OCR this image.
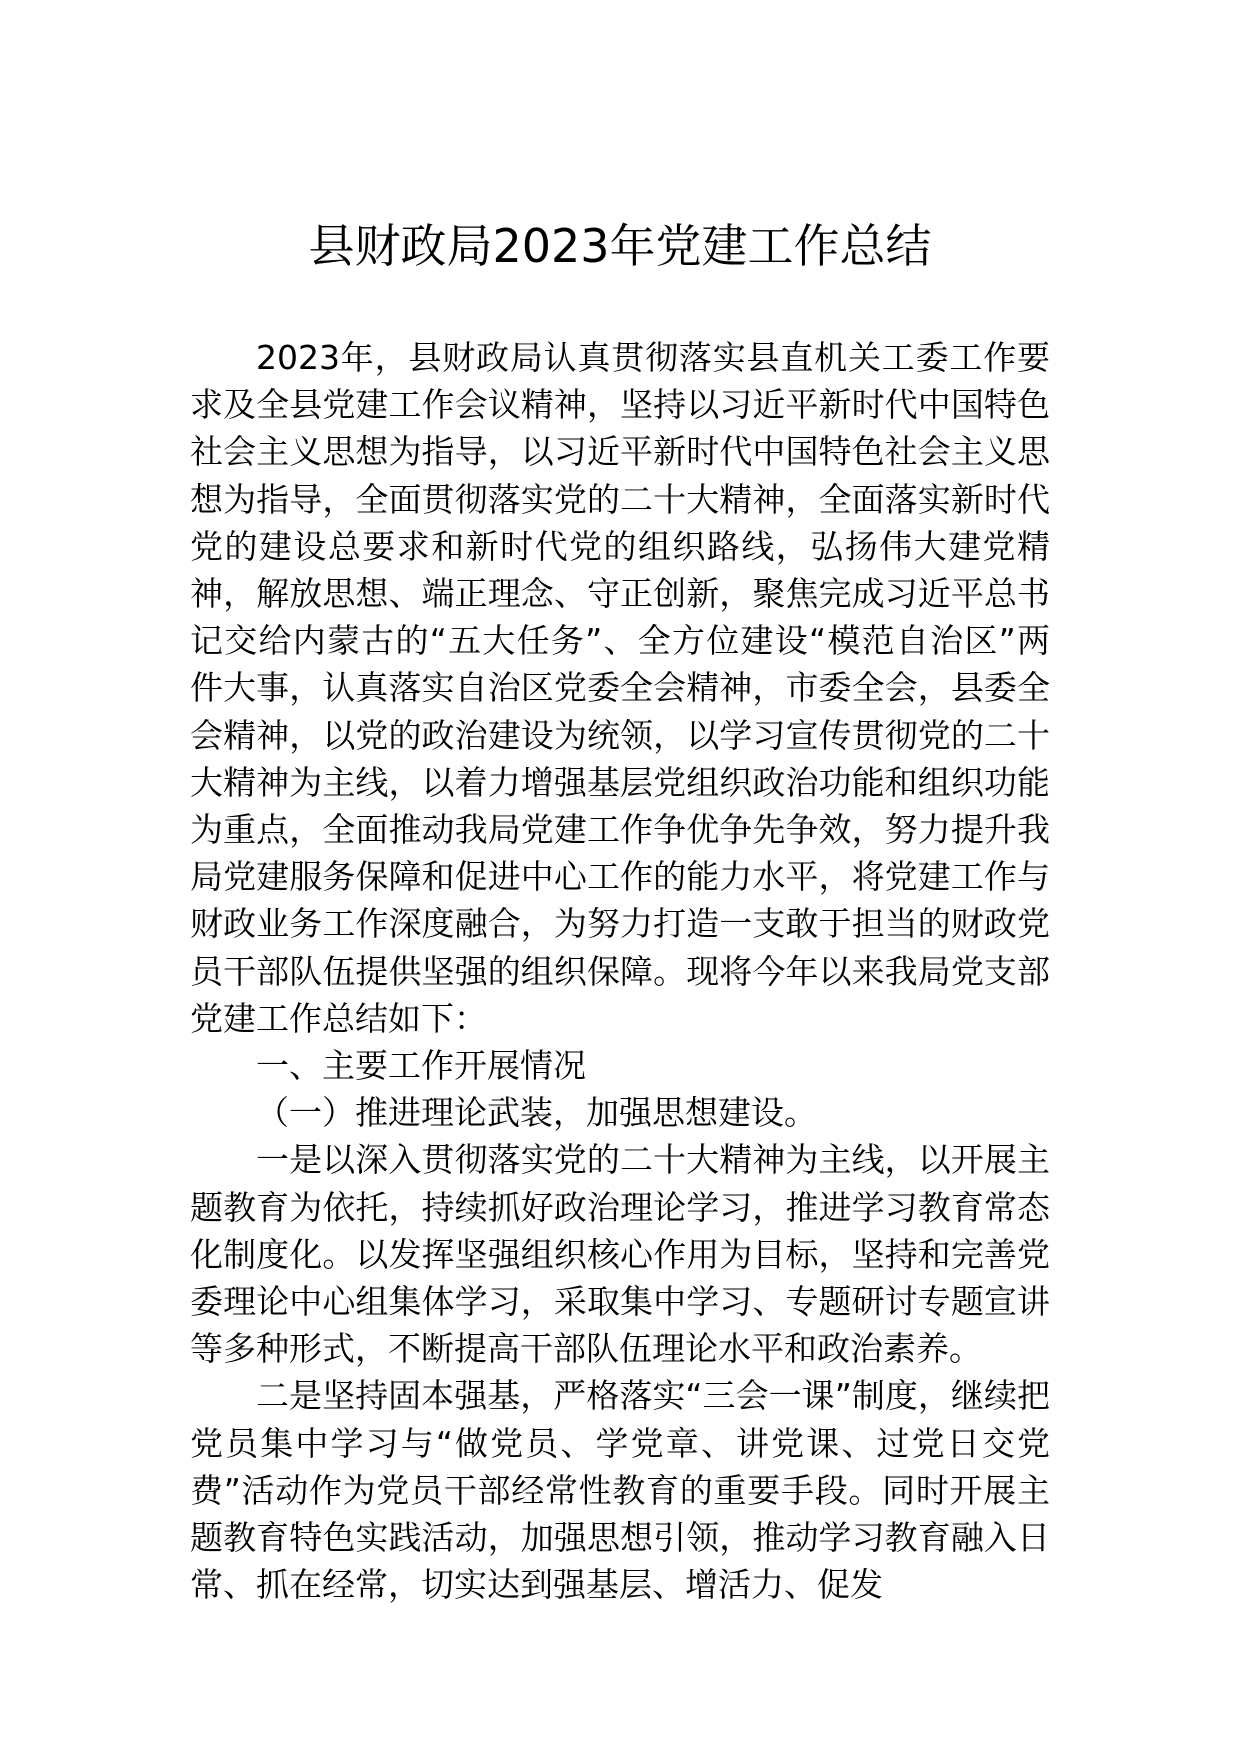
县财政局2023年党建工作总结

2023年，县财政局认真贯彻落实县直机关工委工作要求及全县党建工作会议精神，坚持以习近平新时代中国特色社会主义思想为指导，以习近平新时代中国特色社会主义思想为指导，全面贯彻落实党的二十大精神，全面落实新时代党的建设总要求和新时代党的组织路线，弘扬伟大建党精神，解放思想、端正理念、守正创新，聚焦完成习近平总书记交给内蒙古的“五大任务”、全方位建设“模范自治区”两件大事，认真落实自治区党委全会精神，市委全会，县委全会精神，以党的政治建设为统领，以学习宣传贯彻党的二十大精神为主线，以着力增强基层党组织政治功能和组织功能为重点，全面推动我局党建工作争优争先争效，努力提升我局党建服务保障和促进中心工作的能力水平，将党建工作与财政业务工作深度融合，为努力打造一支敢于担当的财政党员干部队伍提供坚强的组织保障。现将今年以来我局党支部党建工作总结如下：

一、主要工作开展情况

（一）推进理论武装，加强思想建设。

一是以深入贯彻落实党的二十大精神为主线，以开展主题教育为依托，持续抓好政治理论学习，推进学习教育常态化制度化。以发挥坚强组织核心作用为目标，坚持和完善党委理论中心组集体学习，采取集中学习、专题研讨专题宣讲等多种形式，不断提高干部队伍理论水平和政治素养。

二是坚持固本强基，严格落实“三会一课”制度，继续把党员集中学习与“做党员、学党章、讲党课、过党日交党费”活动作为党员干部经常性教育的重要手段。同时开展主题教育特色实践活动，加强思想引领，推动学习教育融入日常、抓在经常，切实达到强基层、增活力、促发
